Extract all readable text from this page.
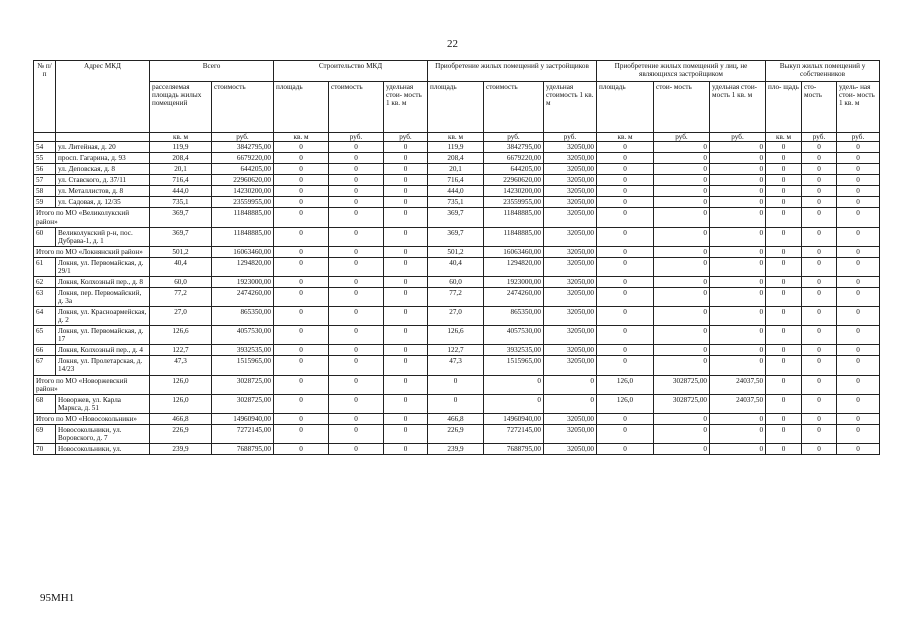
22
№ п/п	Адрес МКД	Всего		Строительство МКД			Приобретение жилых помещений у застройщиков			Приобретение жилых помещений у лиц, не являющихся застройщиком			Выкуп жилых помещений у собственников		
		расселяемая площадь жилых помещений	стоимость	площадь	стоимость	удельная стои- мость 1 кв. м	площадь	стоимость	удельная стоимость 1 кв. м	площадь	стои- мость	удельная стои- мость 1 кв. м	пло- щадь	сто- мость	удель- ная стои- мость 1 кв. м
		кв. м	руб.	кв. м	руб.	руб.	кв. м	руб.	руб.	кв. м	руб.	руб.	кв. м	руб.	руб.
54	ул. Литейная, д. 20	119,9	3842795,00	0	0	0	119,9	3842795,00	32050,00	0	0	0	0	0	0
55	просп. Гагарина, д. 93	208,4	6679220,00	0	0	0	208,4	6679220,00	32050,00	0	0	0	0	0	0
56	ул. Деповская, д. 8	20,1	644205,00	0	0	0	20,1	644205,00	32050,00	0	0	0	0	0	0
57	ул. Ставского, д. 37/11	716,4	22960620,00	0	0	0	716,4	22960620,00	32050,00	0	0	0	0	0	0
58	ул. Металлистов, д. 8	444,0	14230200,00	0	0	0	444,0	14230200,00	32050,00	0	0	0	0	0	0
59	ул. Садовая, д. 12/35	735,1	23559955,00	0	0	0	735,1	23559955,00	32050,00	0	0	0	0	0	0
Итого по МО «Великолукский район»		369,7	11848885,00	0	0	0	369,7	11848885,00	32050,00	0	0	0	0	0	0
60	Великолукский р-н, пос. Дубрава-1, д. 1	369,7	11848885,00	0	0	0	369,7	11848885,00	32050,00	0	0	0	0	0	0
Итого по МО «Локнянский район»		501,2	16063460,00	0	0	0	501,2	16063460,00	32050,00	0	0	0	0	0	0
61	Локня, ул. Первомайская, д. 29/1	40,4	1294820,00	0	0	0	40,4	1294820,00	32050,00	0	0	0	0	0	0
62	Локня, Колхозный пер., д. 8	60,0	1923000,00	0	0	0	60,0	1923000,00	32050,00	0	0	0	0	0	0
63	Локня, пер. Первомайский, д. 3а	77,2	2474260,00	0	0	0	77,2	2474260,00	32050,00	0	0	0	0	0	0
64	Локня, ул. Красноармейская, д. 2	27,0	865350,00	0	0	0	27,0	865350,00	32050,00	0	0	0	0	0	0
65	Локня, ул. Первомайская, д. 17	126,6	4057530,00	0	0	0	126,6	4057530,00	32050,00	0	0	0	0	0	0
66	Локня, Колхозный пер., д. 4	122,7	3932535,00	0	0	0	122,7	3932535,00	32050,00	0	0	0	0	0	0
67	Локня, ул. Пролетарская, д. 14/23	47,3	1515965,00	0	0	0	47,3	1515965,00	32050,00	0	0	0	0	0	0
Итого по МО «Новоржевский район»		126,0	3028725,00	0	0	0	0	0	0	126,0	3028725,00	24037,50	0	0	0
68	Новоржев, ул. Карла Маркса, д. 51	126,0	3028725,00	0	0	0	0	0	0	126,0	3028725,00	24037,50	0	0	0
Итого по МО «Новосокольники»		466,8	14960940,00	0	0	0	466,8	14960940,00	32050,00	0	0	0	0	0	0
69	Новосокольники, ул. Воровского, д. 7	226,9	7272145,00	0	0	0	226,9	7272145,00	32050,00	0	0	0	0	0	0
70	Новосокольники, ул.	239,9	7688795,00	0	0	0	239,9	7688795,00	32050,00	0	0	0	0	0	0
95МН1
